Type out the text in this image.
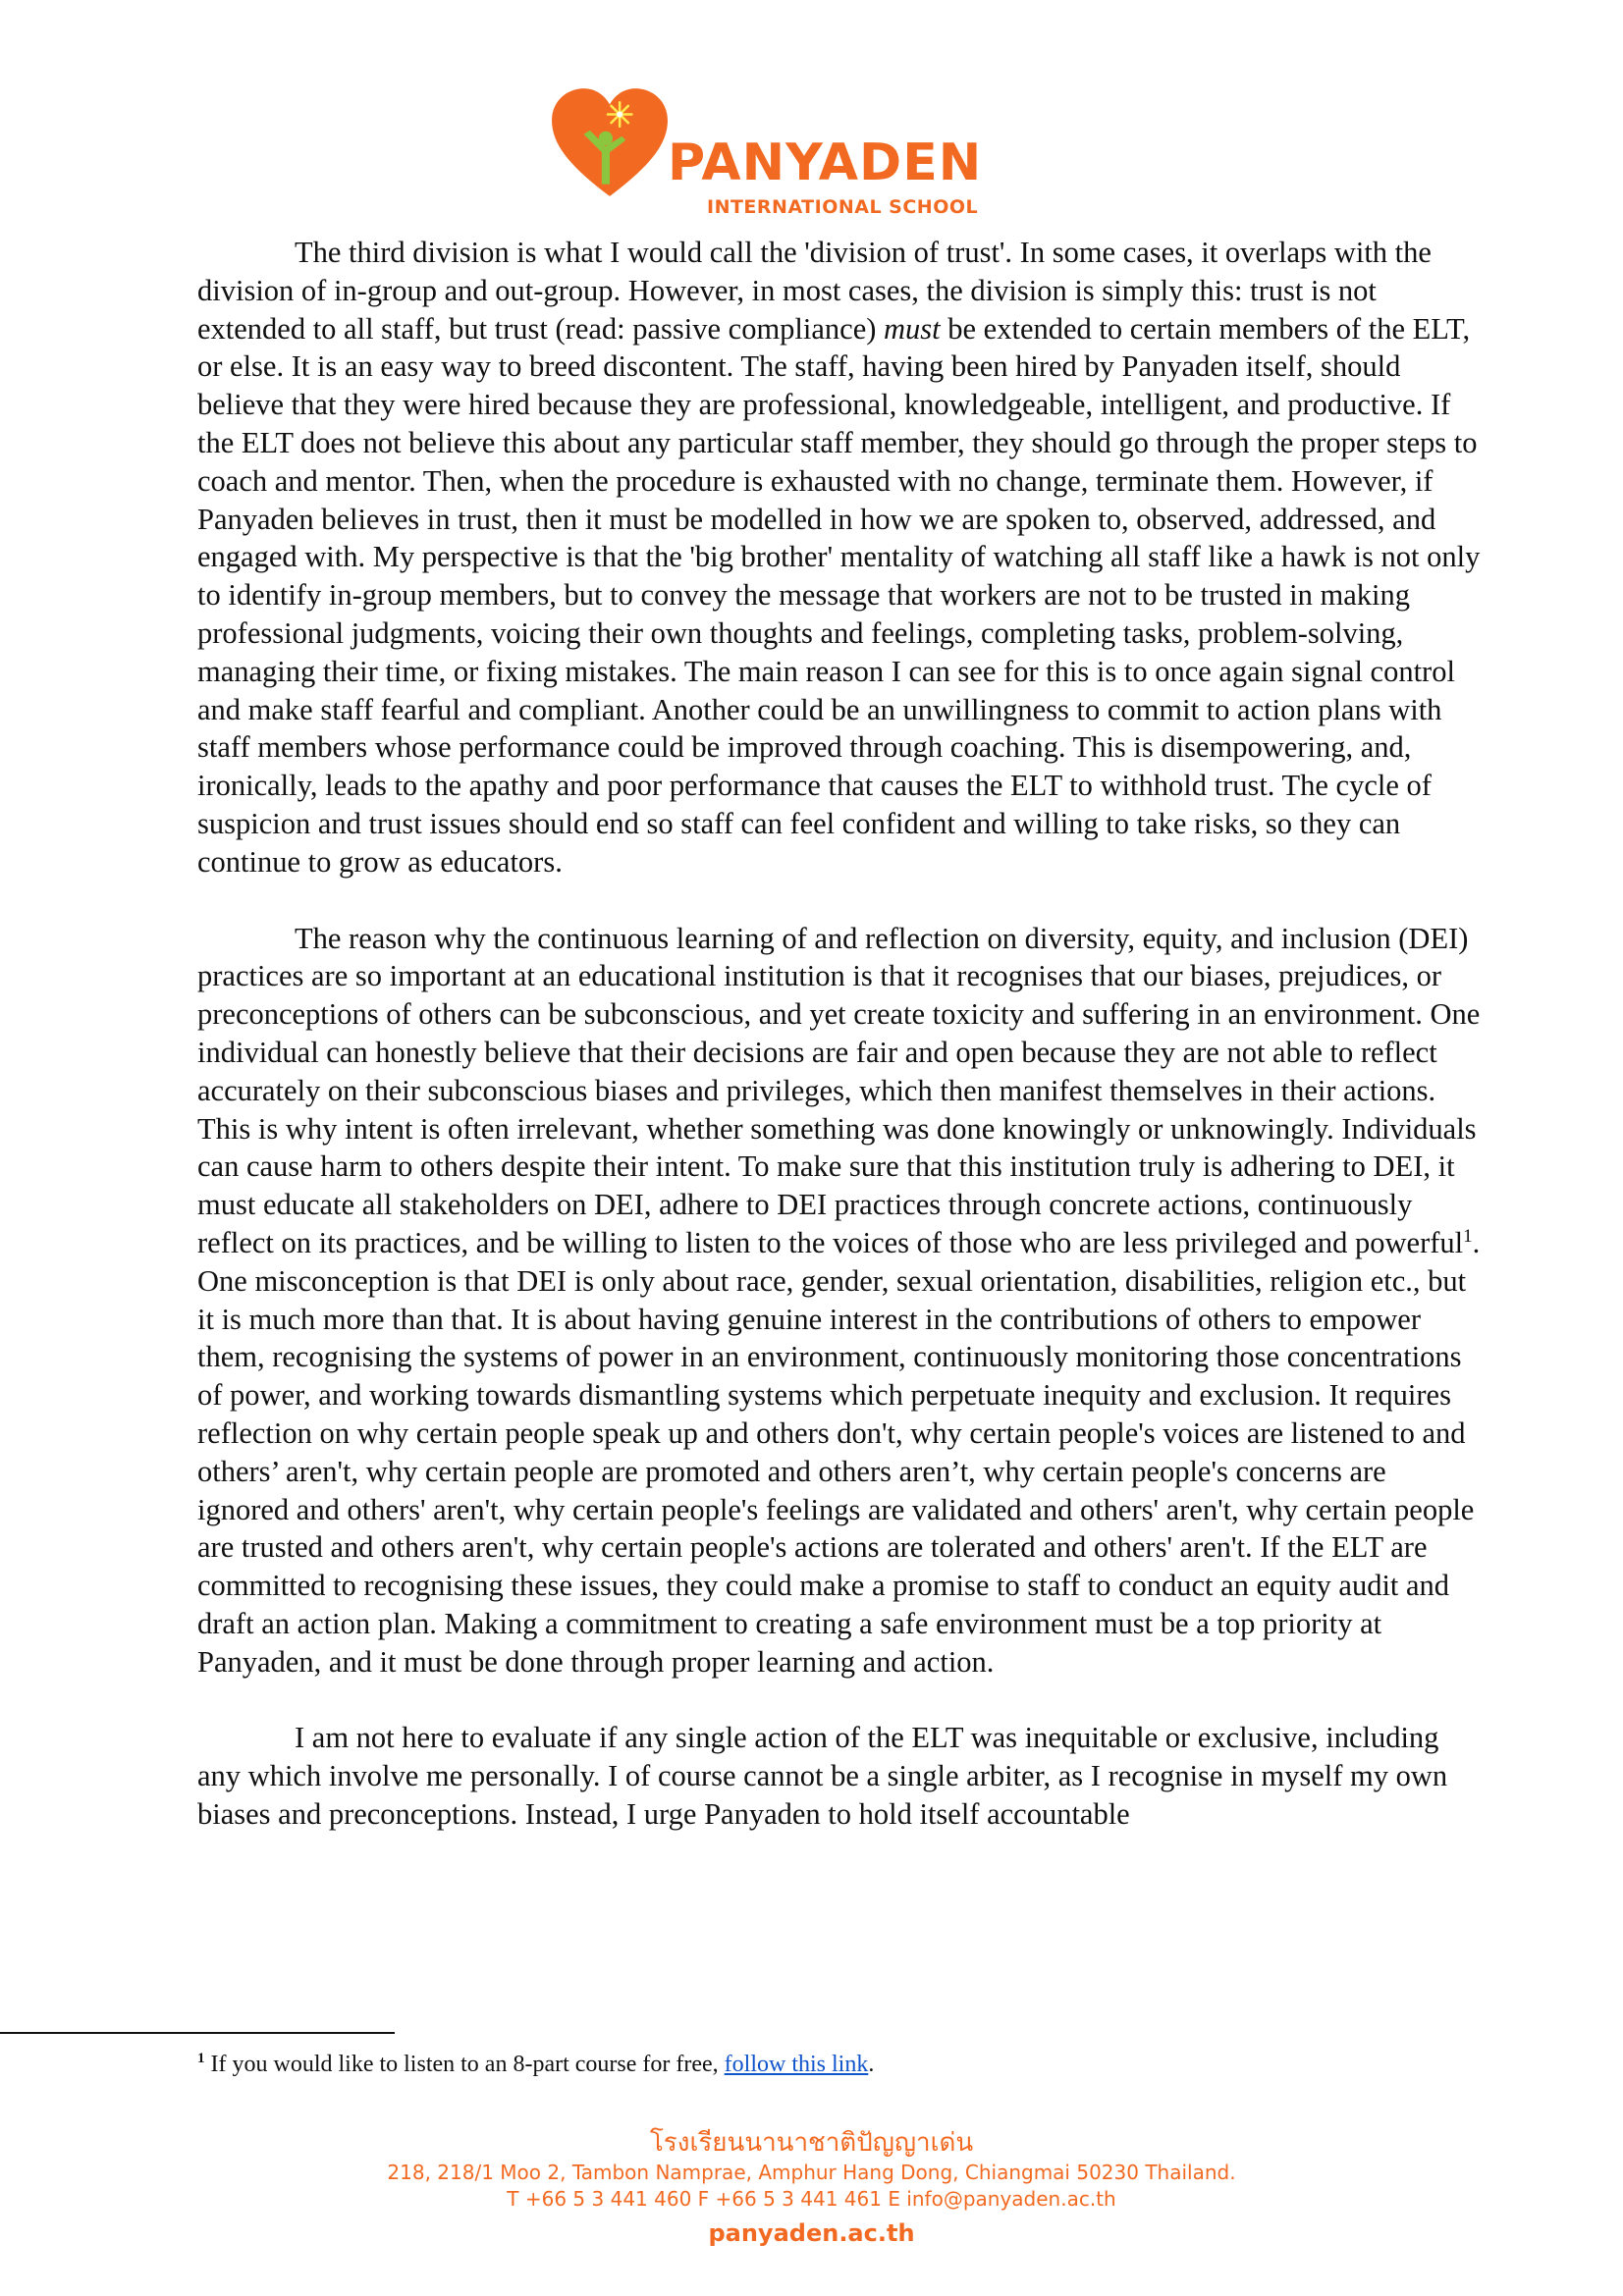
PANYADEN
INTERNATIONAL SCHOOL

The third division is what I would call the 'division of trust'. In some cases, it overlaps with the division of in-group and out-group. However, in most cases, the division is simply this: trust is not extended to all staff, but trust (read: passive compliance) must be extended to certain members of the ELT, or else. It is an easy way to breed discontent. The staff, having been hired by Panyaden itself, should believe that they were hired because they are professional, knowledgeable, intelligent, and productive. If the ELT does not believe this about any particular staff member, they should go through the proper steps to coach and mentor. Then, when the procedure is exhausted with no change, terminate them. However, if Panyaden believes in trust, then it must be modelled in how we are spoken to, observed, addressed, and engaged with. My perspective is that the 'big brother' mentality of watching all staff like a hawk is not only to identify in-group members, but to convey the message that workers are not to be trusted in making professional judgments, voicing their own thoughts and feelings, completing tasks, problem-solving, managing their time, or fixing mistakes. The main reason I can see for this is to once again signal control and make staff fearful and compliant. Another could be an unwillingness to commit to action plans with staff members whose performance could be improved through coaching. This is disempowering, and, ironically, leads to the apathy and poor performance that causes the ELT to withhold trust. The cycle of suspicion and trust issues should end so staff can feel confident and willing to take risks, so they can continue to grow as educators.

The reason why the continuous learning of and reflection on diversity, equity, and inclusion (DEI) practices are so important at an educational institution is that it recognises that our biases, prejudices, or preconceptions of others can be subconscious, and yet create toxicity and suffering in an environment. One individual can honestly believe that their decisions are fair and open because they are not able to reflect accurately on their subconscious biases and privileges, which then manifest themselves in their actions. This is why intent is often irrelevant, whether something was done knowingly or unknowingly. Individuals can cause harm to others despite their intent. To make sure that this institution truly is adhering to DEI, it must educate all stakeholders on DEI, adhere to DEI practices through concrete actions, continuously reflect on its practices, and be willing to listen to the voices of those who are less privileged and powerful$^1$. One misconception is that DEI is only about race, gender, sexual orientation, disabilities, religion etc., but it is much more than that. It is about having genuine interest in the contributions of others to empower them, recognising the systems of power in an environment, continuously monitoring those concentrations of power, and working towards dismantling systems which perpetuate inequity and exclusion. It requires reflection on why certain people speak up and others don't, why certain people's voices are listened to and others’ aren't, why certain people are promoted and others aren’t, why certain people's concerns are ignored and others' aren't, why certain people's feelings are validated and others' aren't, why certain people are trusted and others aren't, why certain people's actions are tolerated and others' aren't. If the ELT are committed to recognising these issues, they could make a promise to staff to conduct an equity audit and draft an action plan. Making a commitment to creating a safe environment must be a top priority at Panyaden, and it must be done through proper learning and action.

I am not here to evaluate if any single action of the ELT was inequitable or exclusive, including any which involve me personally. I of course cannot be a single arbiter, as I recognise in myself my own biases and preconceptions. Instead, I urge Panyaden to hold itself accountable

$^1$ If you would like to listen to an 8-part course for free, follow this link.
โรงเรียนนานาชาติปัญญาเด่น
218, 218/1 Moo 2, Tambon Namprae, Amphur Hang Dong, Chiangmai 50230 Thailand.
T +66 5 3 441 460 F +66 5 3 441 461 E info@panyaden.ac.th
panyaden.ac.th
